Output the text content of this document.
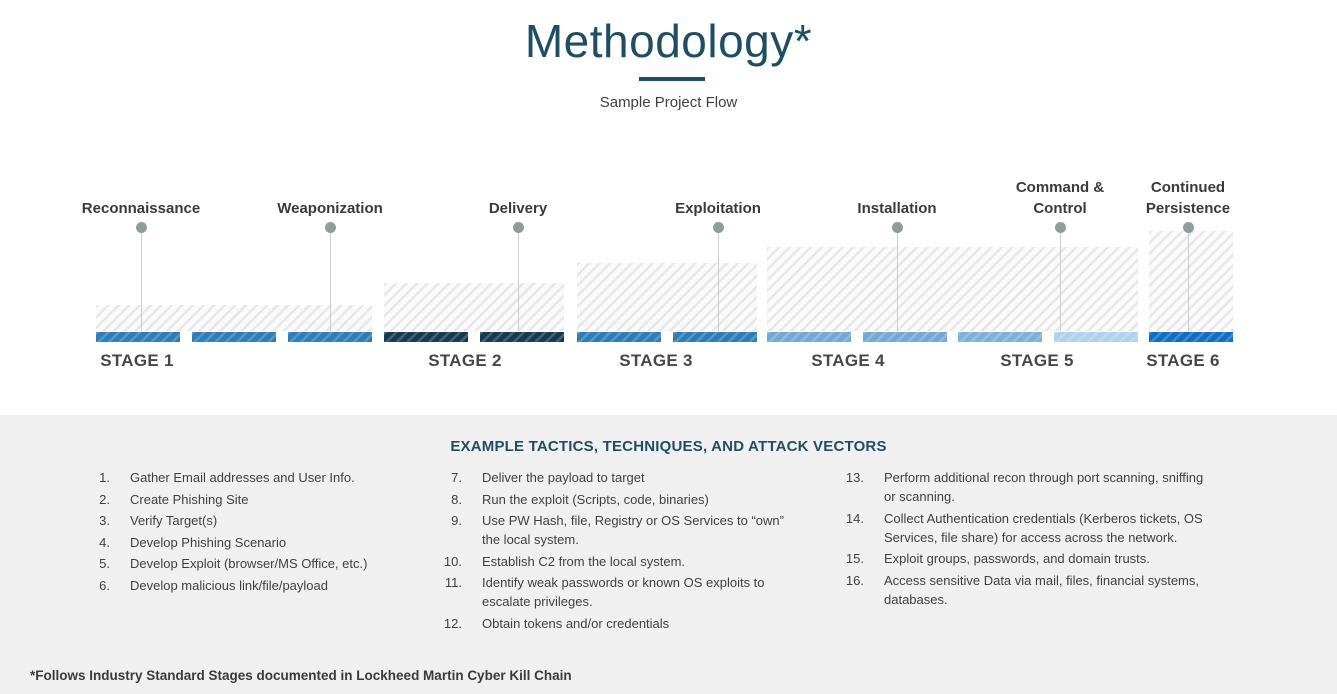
Methodology*
Sample Project Flow
Reconnaissance	Weaponization	Delivery	Exploitation	Installation
Command & Control
Continued Persistence
STAGE 1	STAGE 2	STAGE 3	STAGE 4	STAGE 5	STAGE 6
EXAMPLE TACTICS, TECHNIQUES, AND ATTACK VECTORS
1.	Gather Email addresses and User Info.
2.	Create Phishing Site
3.	Verify Target(s)
4.	Develop Phishing Scenario
5.	Develop Exploit (browser/MS Office, etc.)
6.	Develop malicious link/file/payload
7.	Deliver the payload to target
8.	Run the exploit (Scripts, code, binaries)
9.	Use PW Hash, file, Registry or OS Services to “own” the local system.
10.	Establish C2 from the local system.
11.	Identify weak passwords or known OS exploits to escalate privileges.
12.	Obtain tokens and/or credentials
13.	Perform additional recon through port scanning, sniffing or scanning.
14.	Collect Authentication credentials (Kerberos tickets, OS Services, file share) for access across the network.
15.	Exploit groups, passwords, and domain trusts.
16.	Access sensitive Data via mail, files, financial systems, databases.
*Follows Industry Standard Stages documented in Lockheed Martin Cyber Kill Chain
